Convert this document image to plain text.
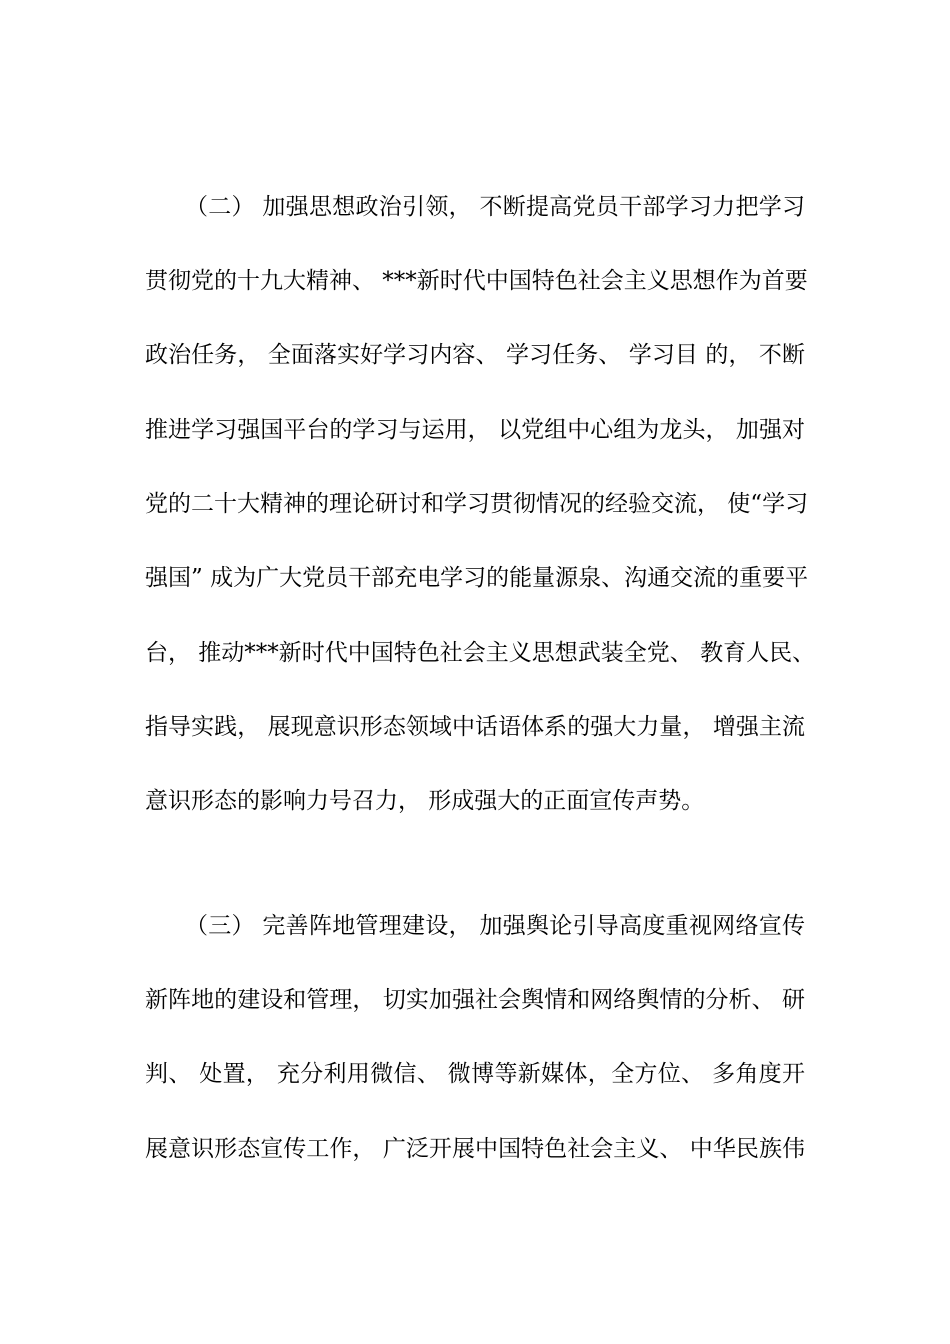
（二） 加强思想政治引领， 不断提高党员干部学习力把学习
贯彻党的十九大精神、 ***新时代中国特色社会主义思想作为首要
政治任务， 全面落实好学习内容、 学习任务、 学习目 的， 不断
推进学习强国平台的学习与运用， 以党组中心组为龙头， 加强对
党的二十大精神的理论研讨和学习贯彻情况的经验交流， 使“学习
强国” 成为广大党员干部充电学习的能量源泉、沟通交流的重要平
台， 推动***新时代中国特色社会主义思想武装全党、 教育人民、
指导实践， 展现意识形态领域中话语体系的强大力量， 增强主流
意识形态的影响力号召力， 形成强大的正面宣传声势。
（三） 完善阵地管理建设， 加强舆论引导高度重视网络宣传
新阵地的建设和管理， 切实加强社会舆情和网络舆情的分析、 研
判、 处置， 充分利用微信、 微博等新媒体，全方位、 多角度开
展意识形态宣传工作， 广泛开展中国特色社会主义、 中华民族伟
